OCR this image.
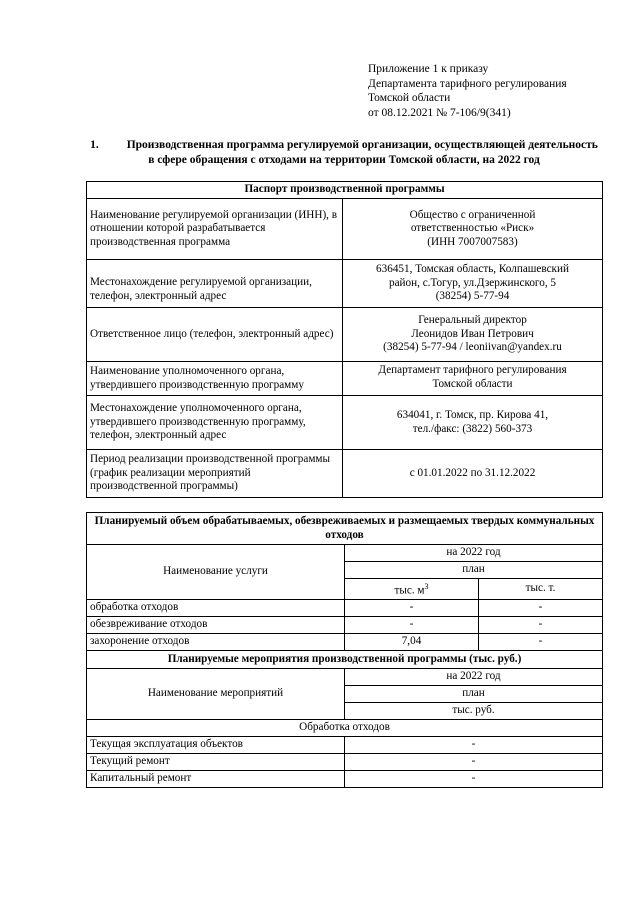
Приложение 1 к приказу
Департамента тарифного регулирования
Томской области
от 08.12.2021 № 7-106/9(341)
1. Производственная программа регулируемой организации, осуществляющей деятельность в сфере обращения с отходами на территории Томской области, на 2022 год
Паспорт производственной программы	
Наименование регулируемой организации (ИНН), в отношении которой разрабатывается производственная программа	Общество с ограниченной
ответственностью «Риск»
(ИНН 7007007583)

Местонахождение регулируемой организации, телефон, электронный адрес	636451, Томская область, Колпашевский
район, с.Тогур, ул.Дзержинского, 5
(38254) 5-77-94

Ответственное лицо (телефон, электронный адрес)	Генеральный директор
Леонидов Иван Петрович
(38254) 5-77-94 / leoniivan@yandex.ru

Наименование уполномоченного органа, утвердившего производственную программу	Департамент тарифного регулирования
Томской области

Местонахождение уполномоченного органа, утвердившего производственную программу, телефон, электронный адрес	634041, г. Томск, пр. Кирова 41,
тел./факс: (3822) 560-373

Период реализации производственной программы (график реализации мероприятий производственной программы)	с 01.01.2022 по 31.12.2022
Планируемый объем обрабатываемых, обезвреживаемых и размещаемых твердых коммунальных отходов		
Наименование услуги	на 2022 год	
	план	
	тыс. $м^3$	тыс. т.
обработка отходов	-	-
обезвреживание отходов	-	-
захоронение отходов	7,04	-
Планируемые мероприятия производственной программы (тыс. руб.)		
Наименование мероприятий	на 2022 год	
	план	
	тыс. руб.	
Обработка отходов		
Текущая эксплуатация объектов	-	
Текущий ремонт	-	
Капитальный ремонт	-	
